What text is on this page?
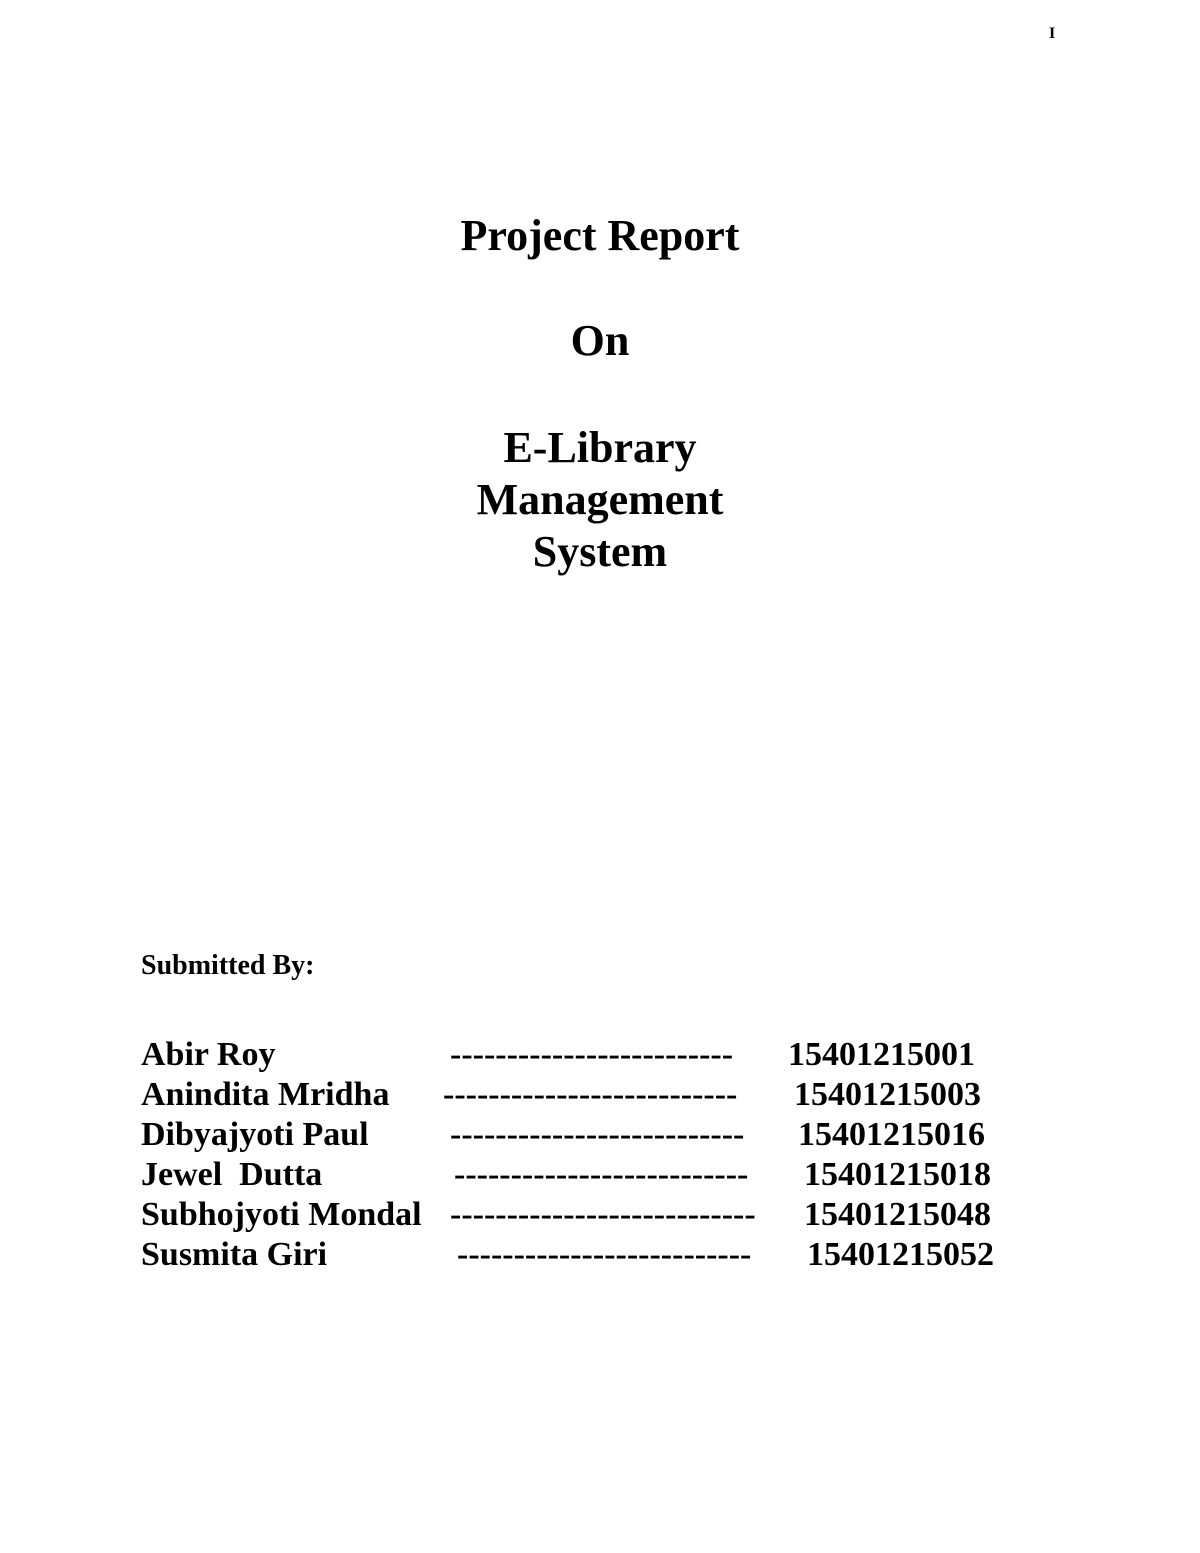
I
Project Report
On
E-Library
Management
System
Submitted By:
Abir Roy	------------------------- 15401215001
Anindita Mridha -------------------------- 15401215003
Dibyajyoti Paul -------------------------- 15401215016
Jewel  Dutta	-------------------------- 15401215018
Subhojyoti Mondal --------------------------- 15401215048
Susmita Giri	-------------------------- 15401215052
